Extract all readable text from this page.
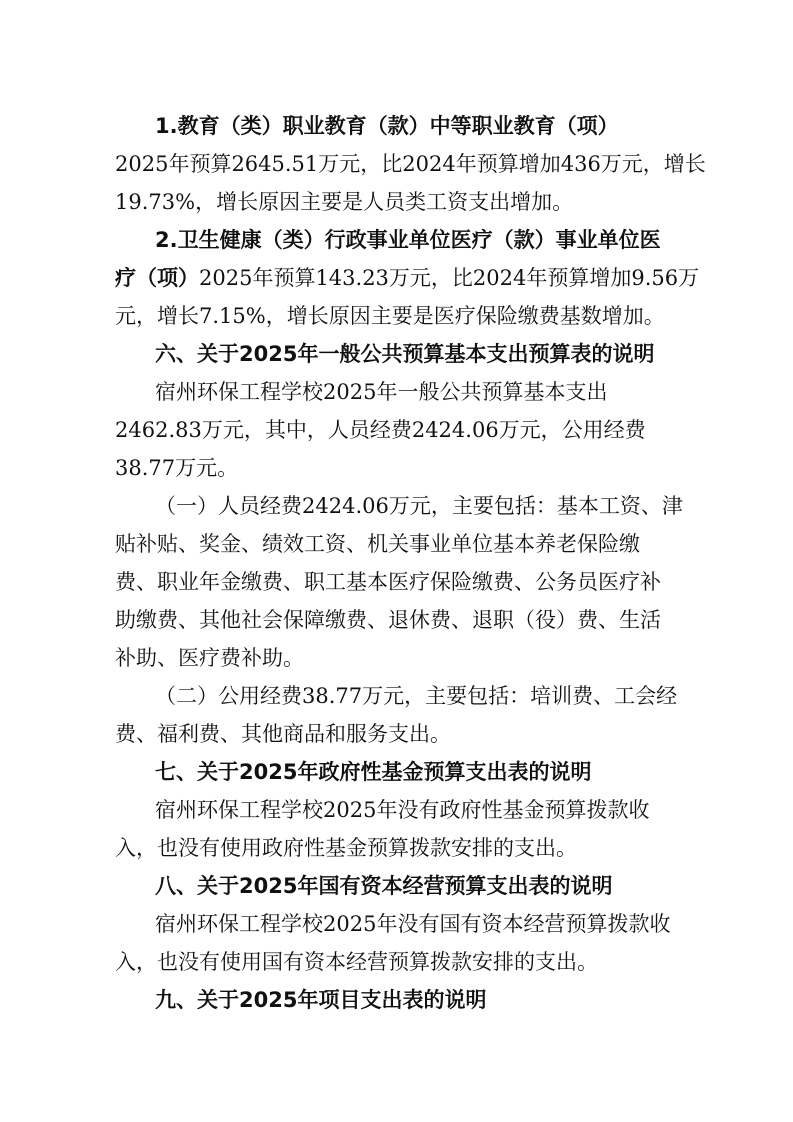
1.教育（类）职业教育（款）中等职业教育（项）

2025年预算2645.51万元，比2024年预算增加436万元，增长

19.73%，增长原因主要是人员类工资支出增加。

2.卫生健康（类）行政事业单位医疗（款）事业单位医

疗（项）2025年预算143.23万元，比2024年预算增加9.56万

元，增长7.15%，增长原因主要是医疗保险缴费基数增加。

六、关于2025年一般公共预算基本支出预算表的说明

宿州环保工程学校2025年一般公共预算基本支出

2462.83万元，其中，人员经费2424.06万元，公用经费

38.77万元。

（一）人员经费2424.06万元，主要包括：基本工资、津

贴补贴、奖金、绩效工资、机关事业单位基本养老保险缴

费、职业年金缴费、职工基本医疗保险缴费、公务员医疗补

助缴费、其他社会保障缴费、退休费、退职（役）费、生活

补助、医疗费补助。

（二）公用经费38.77万元，主要包括：培训费、工会经

费、福利费、其他商品和服务支出。

七、关于2025年政府性基金预算支出表的说明

宿州环保工程学校2025年没有政府性基金预算拨款收

入，也没有使用政府性基金预算拨款安排的支出。

八、关于2025年国有资本经营预算支出表的说明

宿州环保工程学校2025年没有国有资本经营预算拨款收

入，也没有使用国有资本经营预算拨款安排的支出。

九、关于2025年项目支出表的说明
